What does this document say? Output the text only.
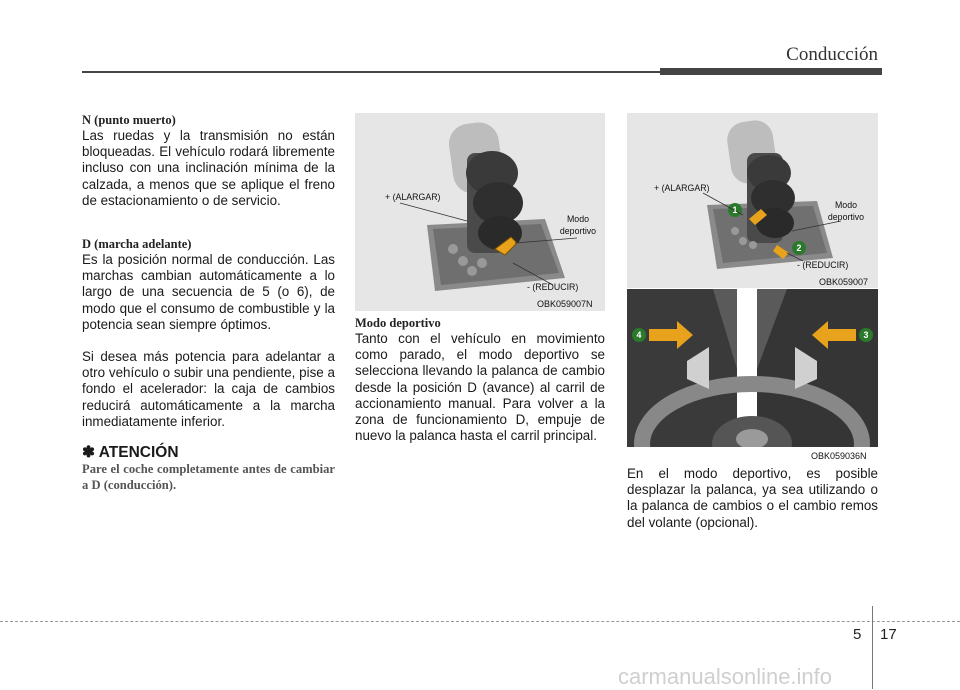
Conducción
N (punto muerto)
Las ruedas y la transmisión no están bloqueadas. El vehículo rodará libremente incluso con una inclinación mínima de la calzada, a menos que se aplique el freno de estacionamiento o de servicio.
D (marcha adelante)
Es la posición normal de conducción. Las marchas cambian automáticamente a lo largo de una secuencia de 5 (o 6), de modo que el consumo de combustible y la potencia sean siempre óptimos.
Si desea más potencia para adelantar a otro vehículo o subir una pendiente, pise a fondo el acelerador: la caja de cambios reducirá automáticamente a la marcha inmediatamente inferior.
✽ ATENCIÓN
Pare el coche completamente antes de cambiar a D (conducción).
+ (ALARGAR)
Modo
deportivo
- (REDUCIR)
OBK059007N
Modo deportivo
Tanto con el vehículo en movimiento como parado, el modo deportivo se selecciona llevando la palanca de cambio desde la posición D (avance) al carril de accionamiento manual. Para volver a la zona de funcionamiento D, empuje de nuevo la palanca hasta el carril principal.
1
2
+ (ALARGAR)
Modo
deportivo
- (REDUCIR)
OBK059007
4	3
OBK059036N
En el modo deportivo, es posible desplazar la palanca, ya sea utilizando o la palanca de cambios o el cambio remos del volante (opcional).
5 17
carmanualsonline.info
